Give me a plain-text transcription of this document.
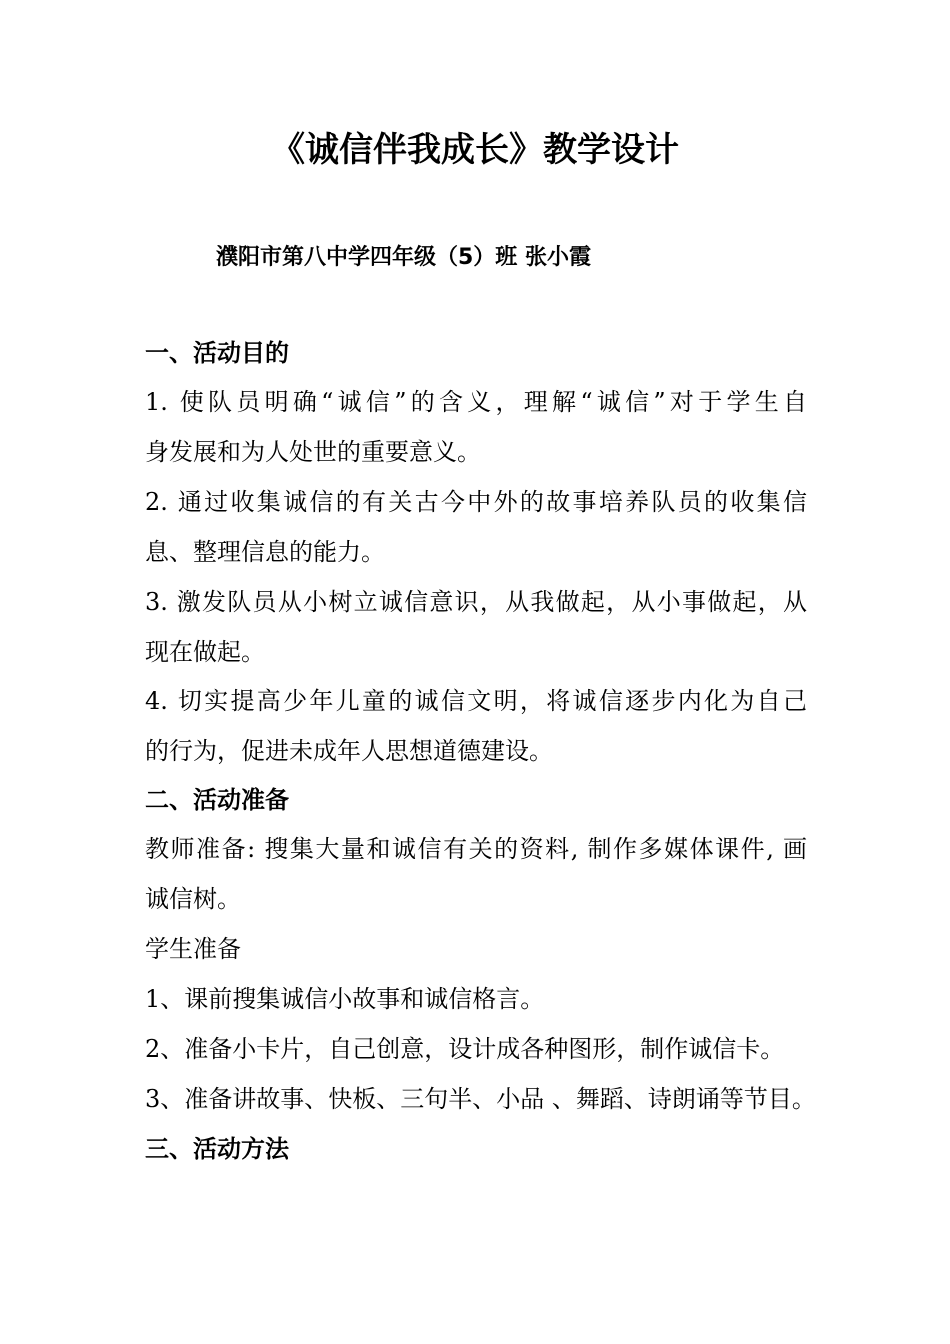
《诚信伴我成长》教学设计
濮阳市第八中学四年级（5）班 张小霞
一、活动目的
1. 使队员明确“诚信”的含义，理解“诚信”对于学生自
身发展和为人处世的重要意义。
2. 通过收集诚信的有关古今中外的故事培养队员的收集信
息、整理信息的能力。
3. 激发队员从小树立诚信意识，从我做起，从小事做起，从
现在做起。
4. 切实提高少年儿童的诚信文明，将诚信逐步内化为自己
的行为，促进未成年人思想道德建设。
二、活动准备
教师准备: 搜集大量和诚信有关的资料, 制作多媒体课件, 画
诚信树。
学生准备
1、课前搜集诚信小故事和诚信格言。
2、准备小卡片，自己创意，设计成各种图形，制作诚信卡。
3、准备讲故事、快板、三句半、小品 、舞蹈、诗朗诵等节目。
三、活动方法
